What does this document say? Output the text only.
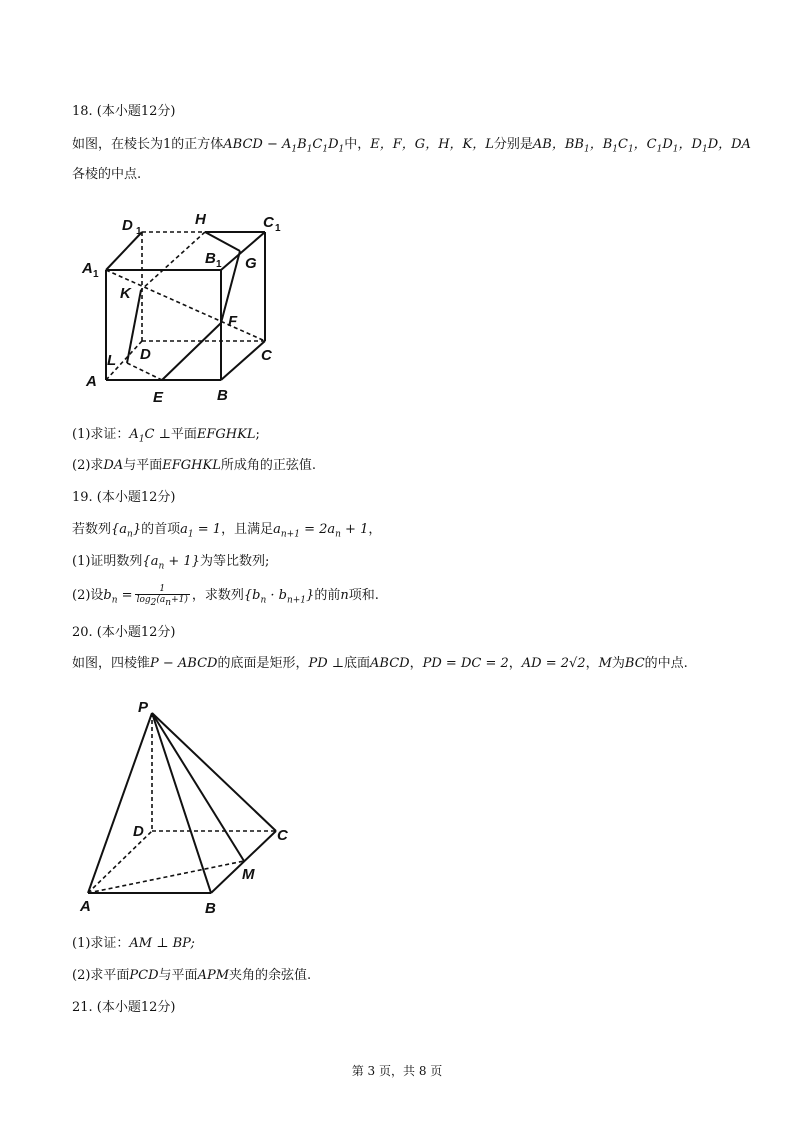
18. (本小题12分)
如图，在棱长为1的正方体ABCD − $A_1B_1C_1D_1$中，E，F，G，H，K，L分别是AB，$BB_1$，$B_1C_1$，$C_1D_1$，$D_1D$，DA
各棱的中点.
D 1
H	C 1
A 1
B 1 G
K
F
L D	C
A
E	B
(1)求证：$A_1C$ ⊥平面EFGHKL;
(2)求DA与平面EFGHKL所成角的正弦值.
19. (本小题12分)
若数列$\{a_n\}$的首项$a_1 = 1$，且满足$a_{n+1} = 2a_n + 1$，
(1)证明数列$\{a_n + 1\}$为等比数列;
(2)设$b_n = \frac{1}{\log_2(a_n+1)}$ ，求数列$\{b_n \cdot b_{n+1}\}$的前n项和.
20. (本小题12分)
如图，四棱锥P − ABCD的底面是矩形，PD ⊥底面ABCD，PD = DC = 2，AD = 2√2，M为BC的中点.
P
D	C
M
A	B
(1)求证：AM ⊥ BP;
(2)求平面PCD与平面APM夹角的余弦值.
21. (本小题12分)
第 3 页，共 8 页
